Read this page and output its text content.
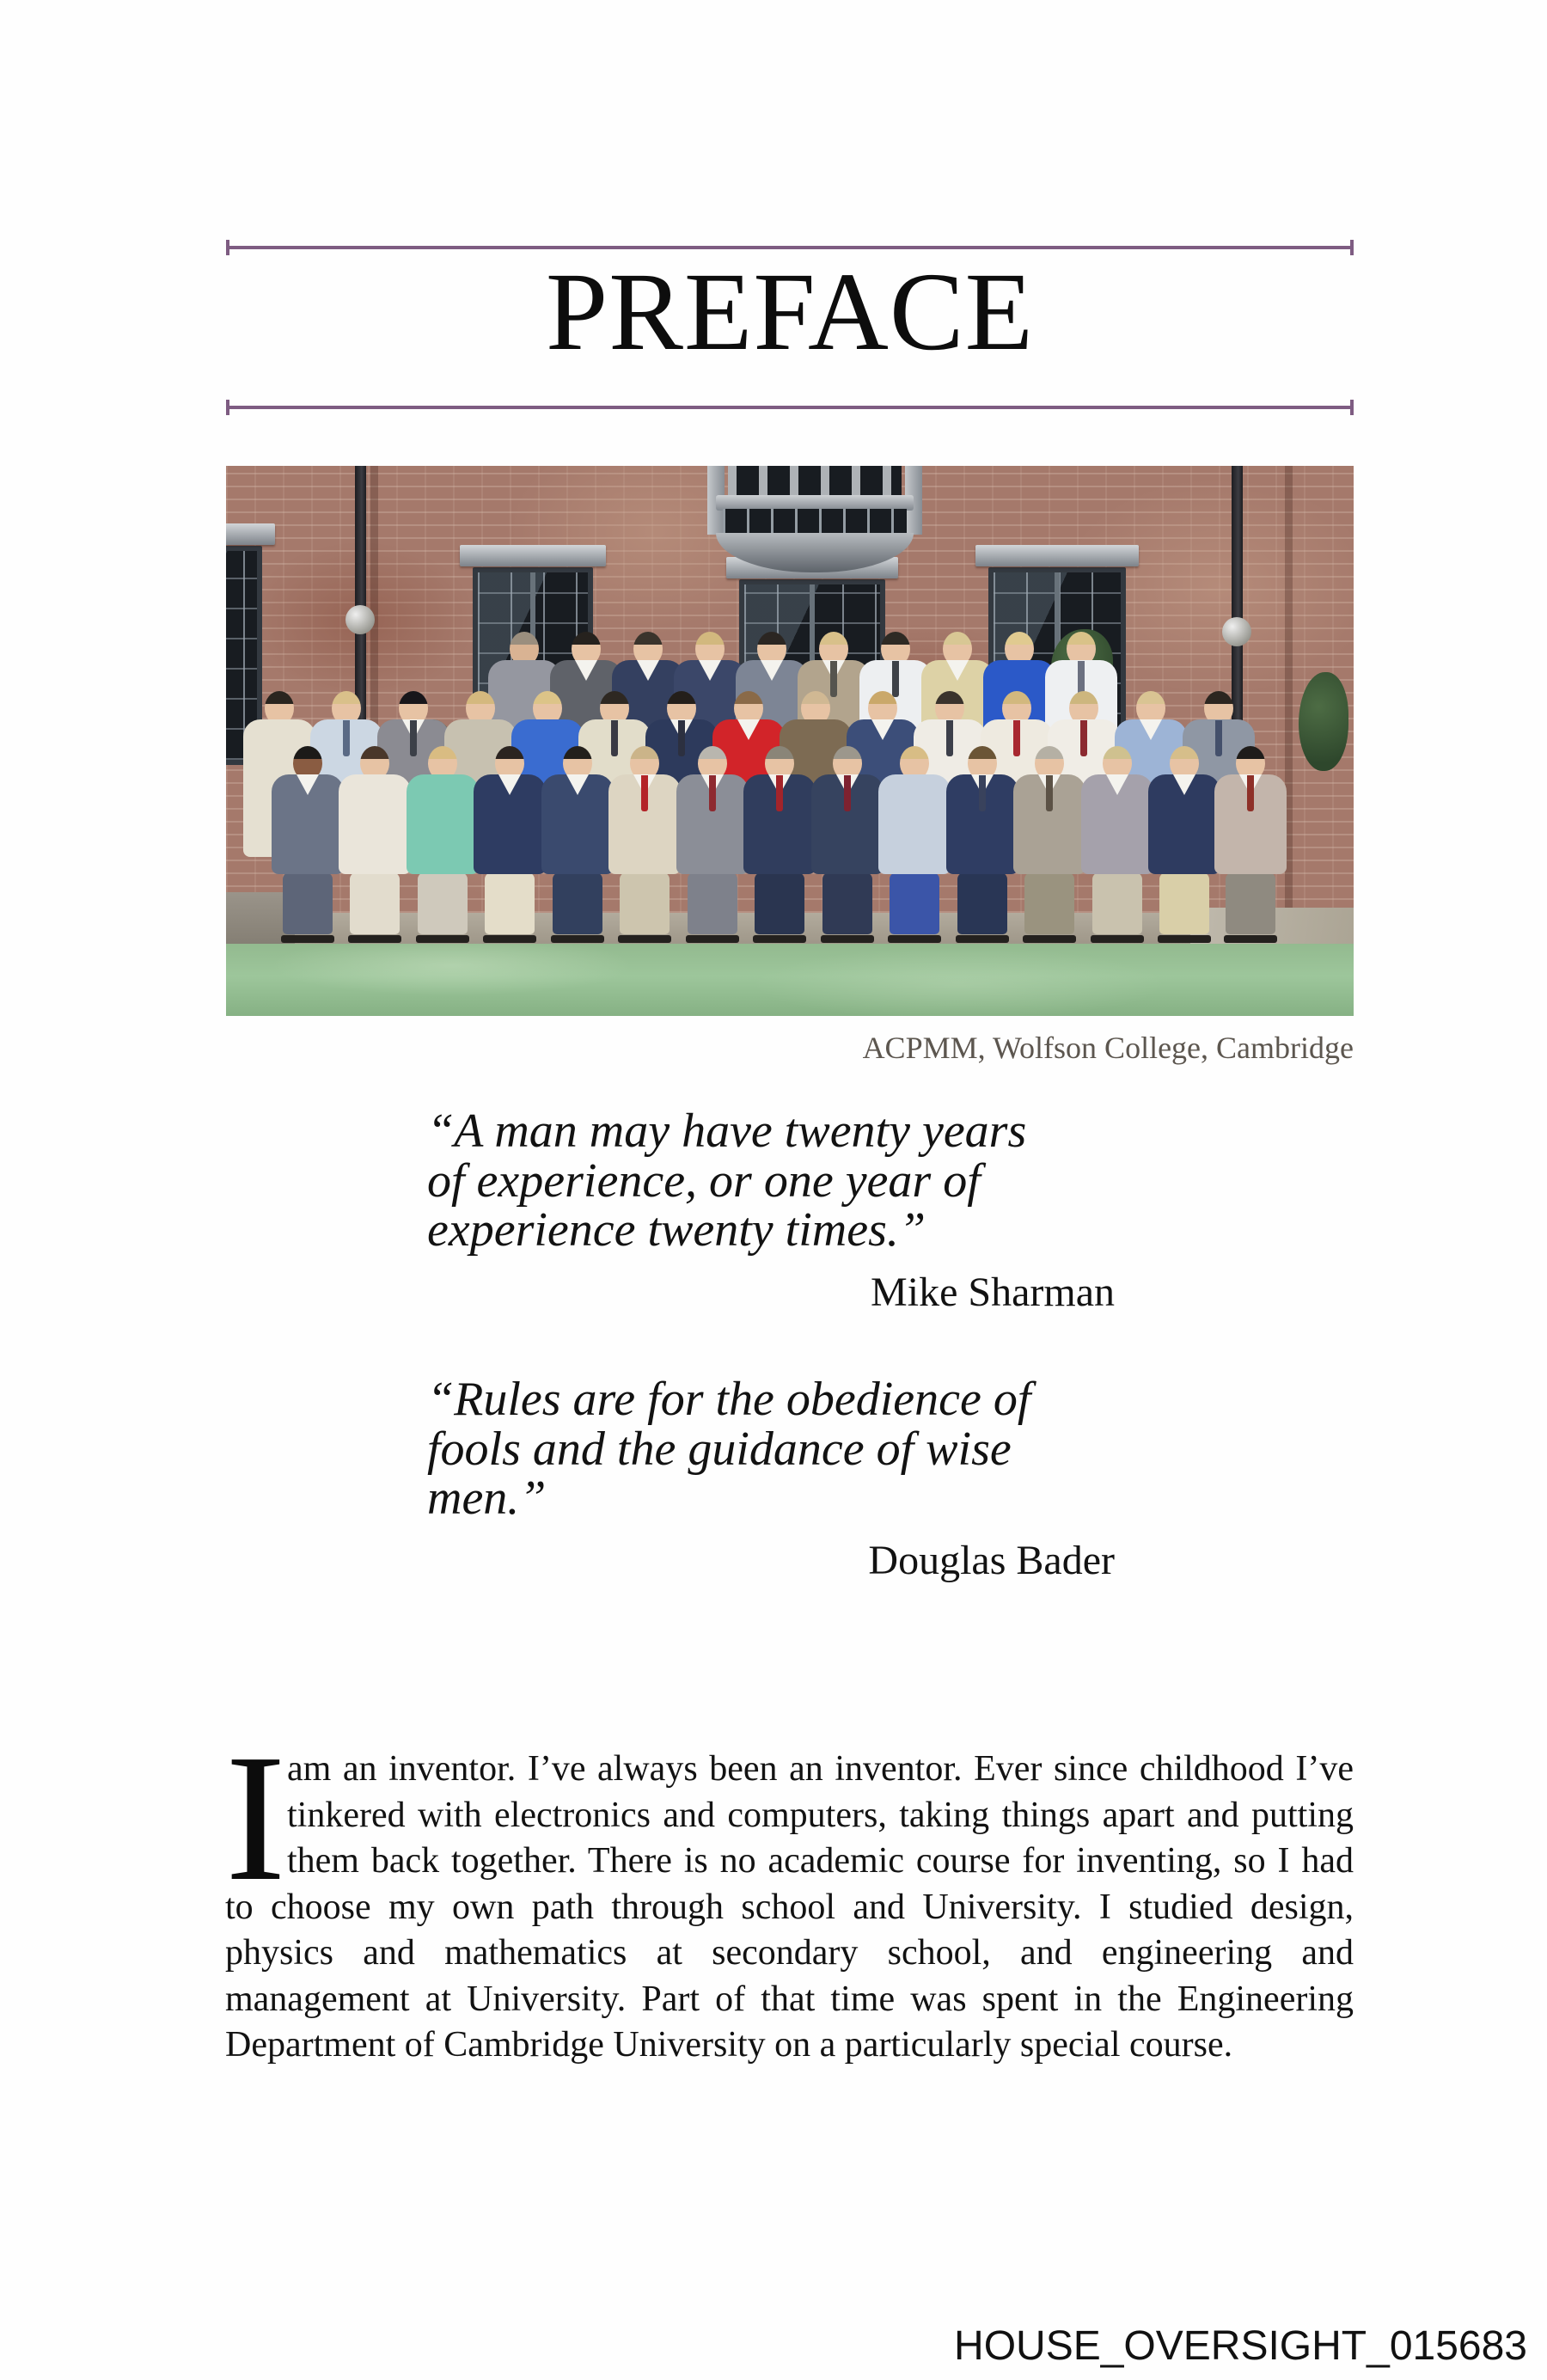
PREFACE
ACPMM, Wolfson College, Cambridge
“A man may have twenty years
of experience, or one year of
experience twenty times.”
Mike Sharman
“Rules are for the obedience of
fools and the guidance of wise
men.”
Douglas Bader

Iam an inventor. I’ve always been an inventor. Ever since childhood I’ve tinkered with electronics and computers, taking things apart and putting them back together. There is no academic course for inventing, so I had to choose my own path through school and University. I studied design, physics and mathematics at secondary school, and engineering and management at University. Part of that time was spent in the Engineering Department of Cambridge University on a particularly special course.

HOUSE_OVERSIGHT_015683
